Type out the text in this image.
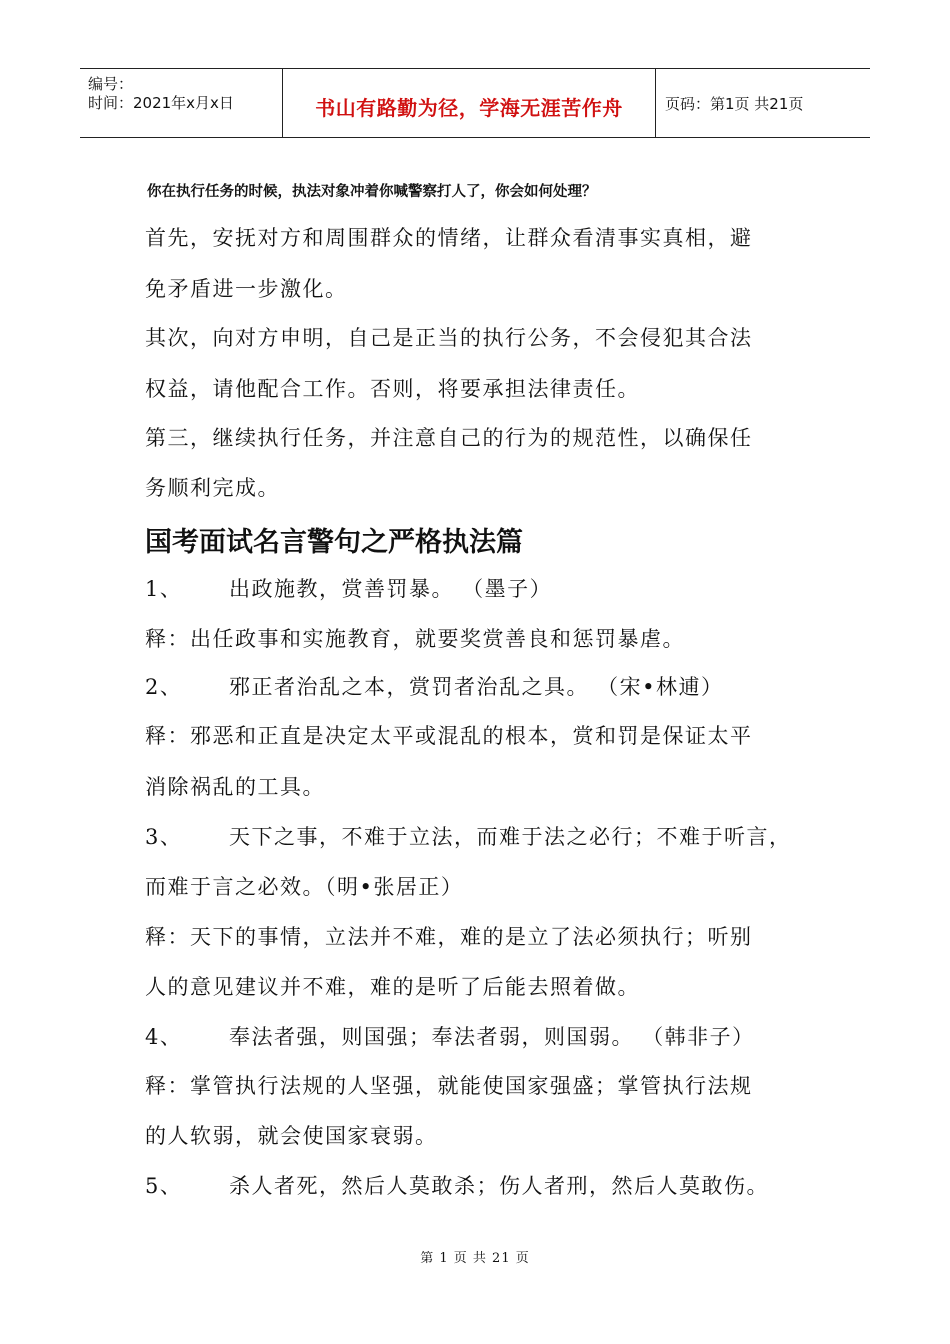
编号：
时间：2021年x月x日	书山有路勤为径，学海无涯苦作舟	页码：第1页 共21页
你在执行任务的时候，执法对象冲着你喊警察打人了，你会如何处理？
首先，安抚对方和周围群众的情绪，让群众看清事实真相，避
免矛盾进一步激化。
其次，向对方申明，自己是正当的执行公务，不会侵犯其合法
权益，请他配合工作。否则，将要承担法律责任。
第三，继续执行任务，并注意自己的行为的规范性，以确保任
务顺利完成。
国考面试名言警句之严格执法篇
1、 出政施教，赏善罚暴。 （墨子）
释：出任政事和实施教育，就要奖赏善良和惩罚暴虐。
2、 邪正者治乱之本，赏罚者治乱之具。 （宋•林逋）
释：邪恶和正直是决定太平或混乱的根本，赏和罚是保证太平
消除祸乱的工具。
3、 天下之事，不难于立法，而难于法之必行；不难于听言，
而难于言之必效。（明•张居正）
释：天下的事情，立法并不难，难的是立了法必须执行；听别
人的意见建议并不难，难的是听了后能去照着做。
4、 奉法者强，则国强；奉法者弱，则国弱。 （韩非子）
释：掌管执行法规的人坚强，就能使国家强盛；掌管执行法规
的人软弱，就会使国家衰弱。
5、 杀人者死，然后人莫敢杀；伤人者刑，然后人莫敢伤。
第 1 页 共 21 页
